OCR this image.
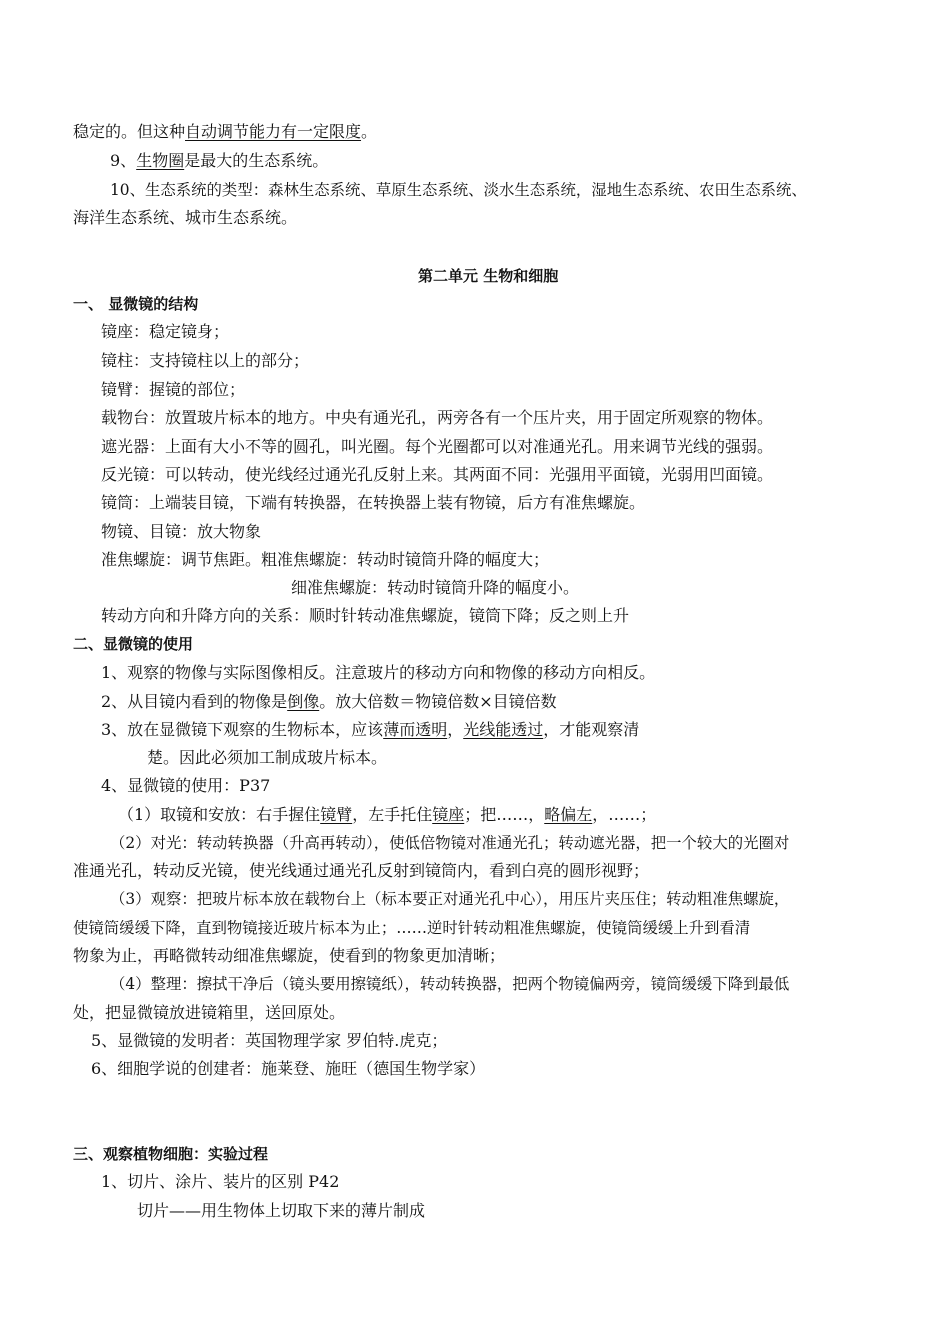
稳定的。但这种自动调节能力有一定限度。
9、生物圈是最大的生态系统。
10、生态系统的类型：森林生态系统、草原生态系统、淡水生态系统，湿地生态系统、农田生态系统、
海洋生态系统、城市生态系统。
第二单元 生物和细胞
一、 显微镜的结构
镜座：稳定镜身；
镜柱：支持镜柱以上的部分；
镜臂：握镜的部位；
载物台：放置玻片标本的地方。中央有通光孔，两旁各有一个压片夹，用于固定所观察的物体。
遮光器：上面有大小不等的圆孔，叫光圈。每个光圈都可以对准通光孔。用来调节光线的强弱。
反光镜：可以转动，使光线经过通光孔反射上来。其两面不同：光强用平面镜，光弱用凹面镜。
镜筒：上端装目镜，下端有转换器，在转换器上装有物镜，后方有准焦螺旋。
物镜、目镜：放大物象
准焦螺旋：调节焦距。粗准焦螺旋：转动时镜筒升降的幅度大；
细准焦螺旋：转动时镜筒升降的幅度小。
转动方向和升降方向的关系：顺时针转动准焦螺旋，镜筒下降；反之则上升
二、显微镜的使用
1、观察的物像与实际图像相反。注意玻片的移动方向和物像的移动方向相反。
2、从目镜内看到的物像是倒像。放大倍数＝物镜倍数×目镜倍数
3、放在显微镜下观察的生物标本，应该薄而透明，光线能透过，才能观察清
楚。因此必须加工制成玻片标本。
4、显微镜的使用：P37
（1）取镜和安放：右手握住镜臂，左手托住镜座；把……，略偏左，……；
（2）对光：转动转换器（升高再转动），使低倍物镜对准通光孔；转动遮光器，把一个较大的光圈对
准通光孔，转动反光镜，使光线通过通光孔反射到镜筒内，看到白亮的圆形视野；
（3）观察：把玻片标本放在载物台上（标本要正对通光孔中心），用压片夹压住；转动粗准焦螺旋，
使镜筒缓缓下降，直到物镜接近玻片标本为止；……逆时针转动粗准焦螺旋，使镜筒缓缓上升到看清
物象为止，再略微转动细准焦螺旋，使看到的物象更加清晰；
（4）整理：擦拭干净后（镜头要用擦镜纸），转动转换器，把两个物镜偏两旁，镜筒缓缓下降到最低
处，把显微镜放进镜箱里，送回原处。
5、显微镜的发明者：英国物理学家 罗伯特.虎克；
6、细胞学说的创建者：施莱登、施旺（德国生物学家）
三、观察植物细胞：实验过程
1、切片、涂片、装片的区别 P42
切片——用生物体上切取下来的薄片制成
